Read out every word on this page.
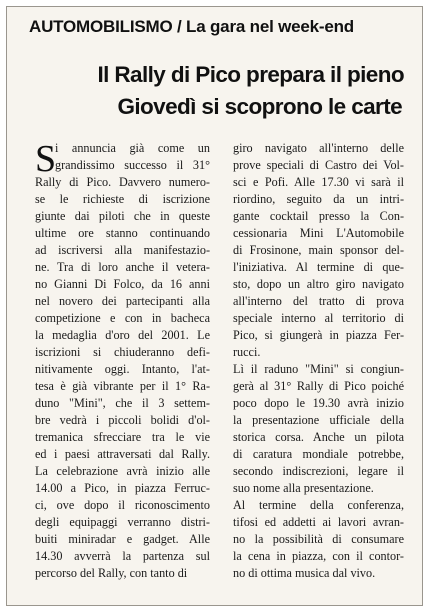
AUTOMOBILISMO / La gara nel week-end
Il Rally di Pico prepara il pieno
Giovedì si scoprono le carte
S
i annuncia già come un
grandissimo successo il 31°
Rally di Pico. Davvero numero-
se le richieste di iscrizione
giunte dai piloti che in queste
ultime ore stanno continuando
ad iscriversi alla manifestazio-
ne. Tra di loro anche il vetera-
no Gianni Di Folco, da 16 anni
nel novero dei partecipanti alla
competizione e con in bacheca
la medaglia d'oro del 2001. Le
iscrizioni si chiuderanno defi-
nitivamente oggi. Intanto, l'at-
tesa è già vibrante per il 1° Ra-
duno "Mini", che il 3 settem-
bre vedrà i piccoli bolidi d'ol-
tremanica sfrecciare tra le vie
ed i paesi attraversati dal Rally.
La celebrazione avrà inizio alle
14.00 a Pico, in piazza Ferruc-
ci, ove dopo il riconoscimento
degli equipaggi verranno distri-
buiti miniradar e gadget. Alle
14.30 avverrà la partenza sul
percorso del Rally, con tanto di
giro navigato all'interno delle
prove speciali di Castro dei Vol-
sci e Pofi. Alle 17.30 vi sarà il
riordino, seguito da un intri-
gante cocktail presso la Con-
cessionaria Mini L'Automobile
di Frosinone, main sponsor del-
l'iniziativa. Al termine di que-
sto, dopo un altro giro navigato
all'interno del tratto di prova
speciale interno al territorio di
Pico, si giungerà in piazza Fer-
rucci.
Lì il raduno "Mini" si congiun-
gerà al 31° Rally di Pico poiché
poco dopo le 19.30 avrà inizio
la presentazione ufficiale della
storica corsa. Anche un pilota
di caratura mondiale potrebbe,
secondo indiscrezioni, legare il
suo nome alla presentazione.
Al termine della conferenza,
tifosi ed addetti ai lavori avran-
no la possibilità di consumare
la cena in piazza, con il contor-
no di ottima musica dal vivo.
